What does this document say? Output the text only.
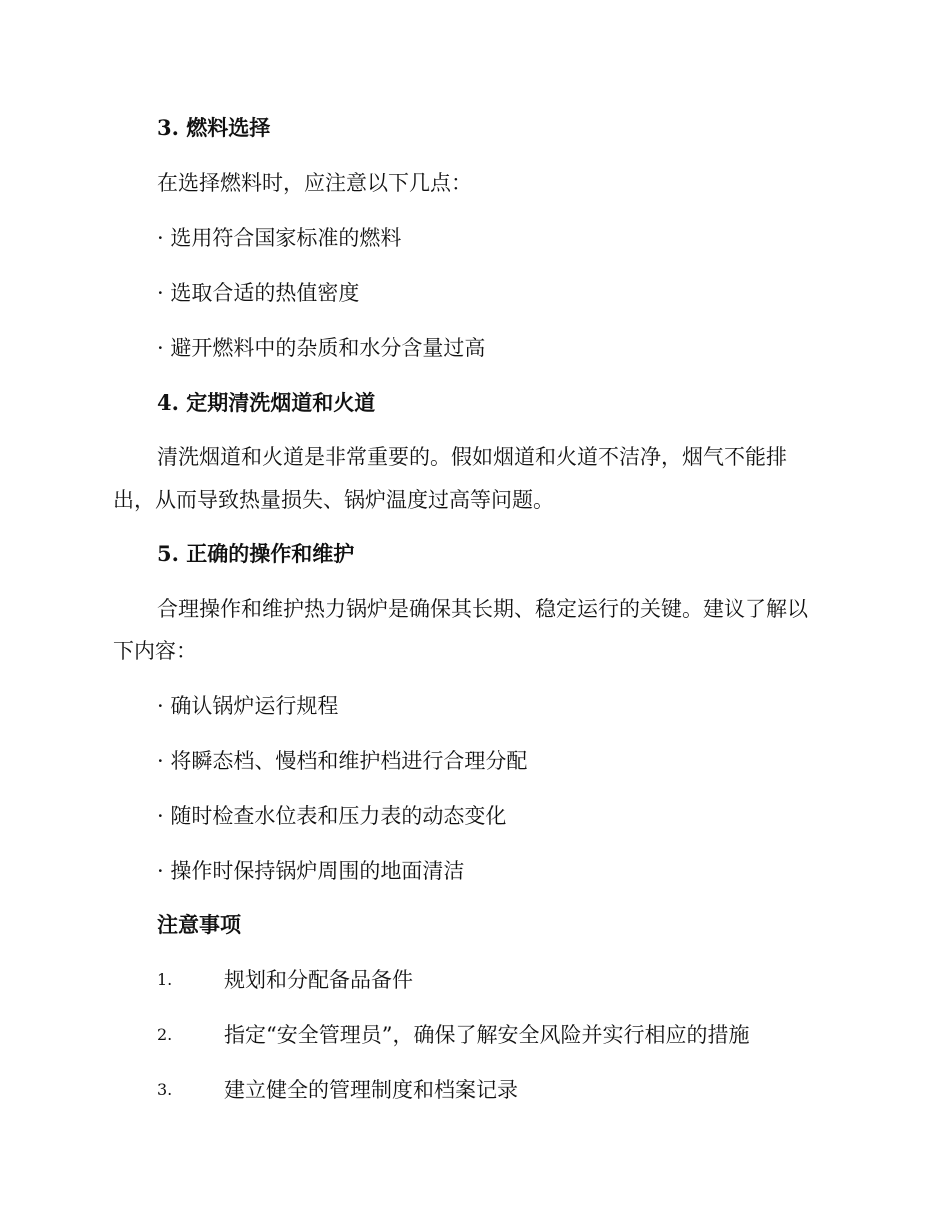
3. 燃料选择
在选择燃料时，应注意以下几点：
· 选用符合国家标准的燃料
· 选取合适的热值密度
· 避开燃料中的杂质和水分含量过高
4. 定期清洗烟道和火道
清洗烟道和火道是非常重要的。假如烟道和火道不洁净，烟气不能排
出，从而导致热量损失、锅炉温度过高等问题。
5. 正确的操作和维护
合理操作和维护热力锅炉是确保其长期、稳定运行的关键。建议了解以
下内容：
· 确认锅炉运行规程
· 将瞬态档、慢档和维护档进行合理分配
· 随时检查水位表和压力表的动态变化
· 操作时保持锅炉周围的地面清洁
注意事项
1. 规划和分配备品备件
2. 指定“安全管理员”，确保了解安全风险并实行相应的措施
3. 建立健全的管理制度和档案记录
